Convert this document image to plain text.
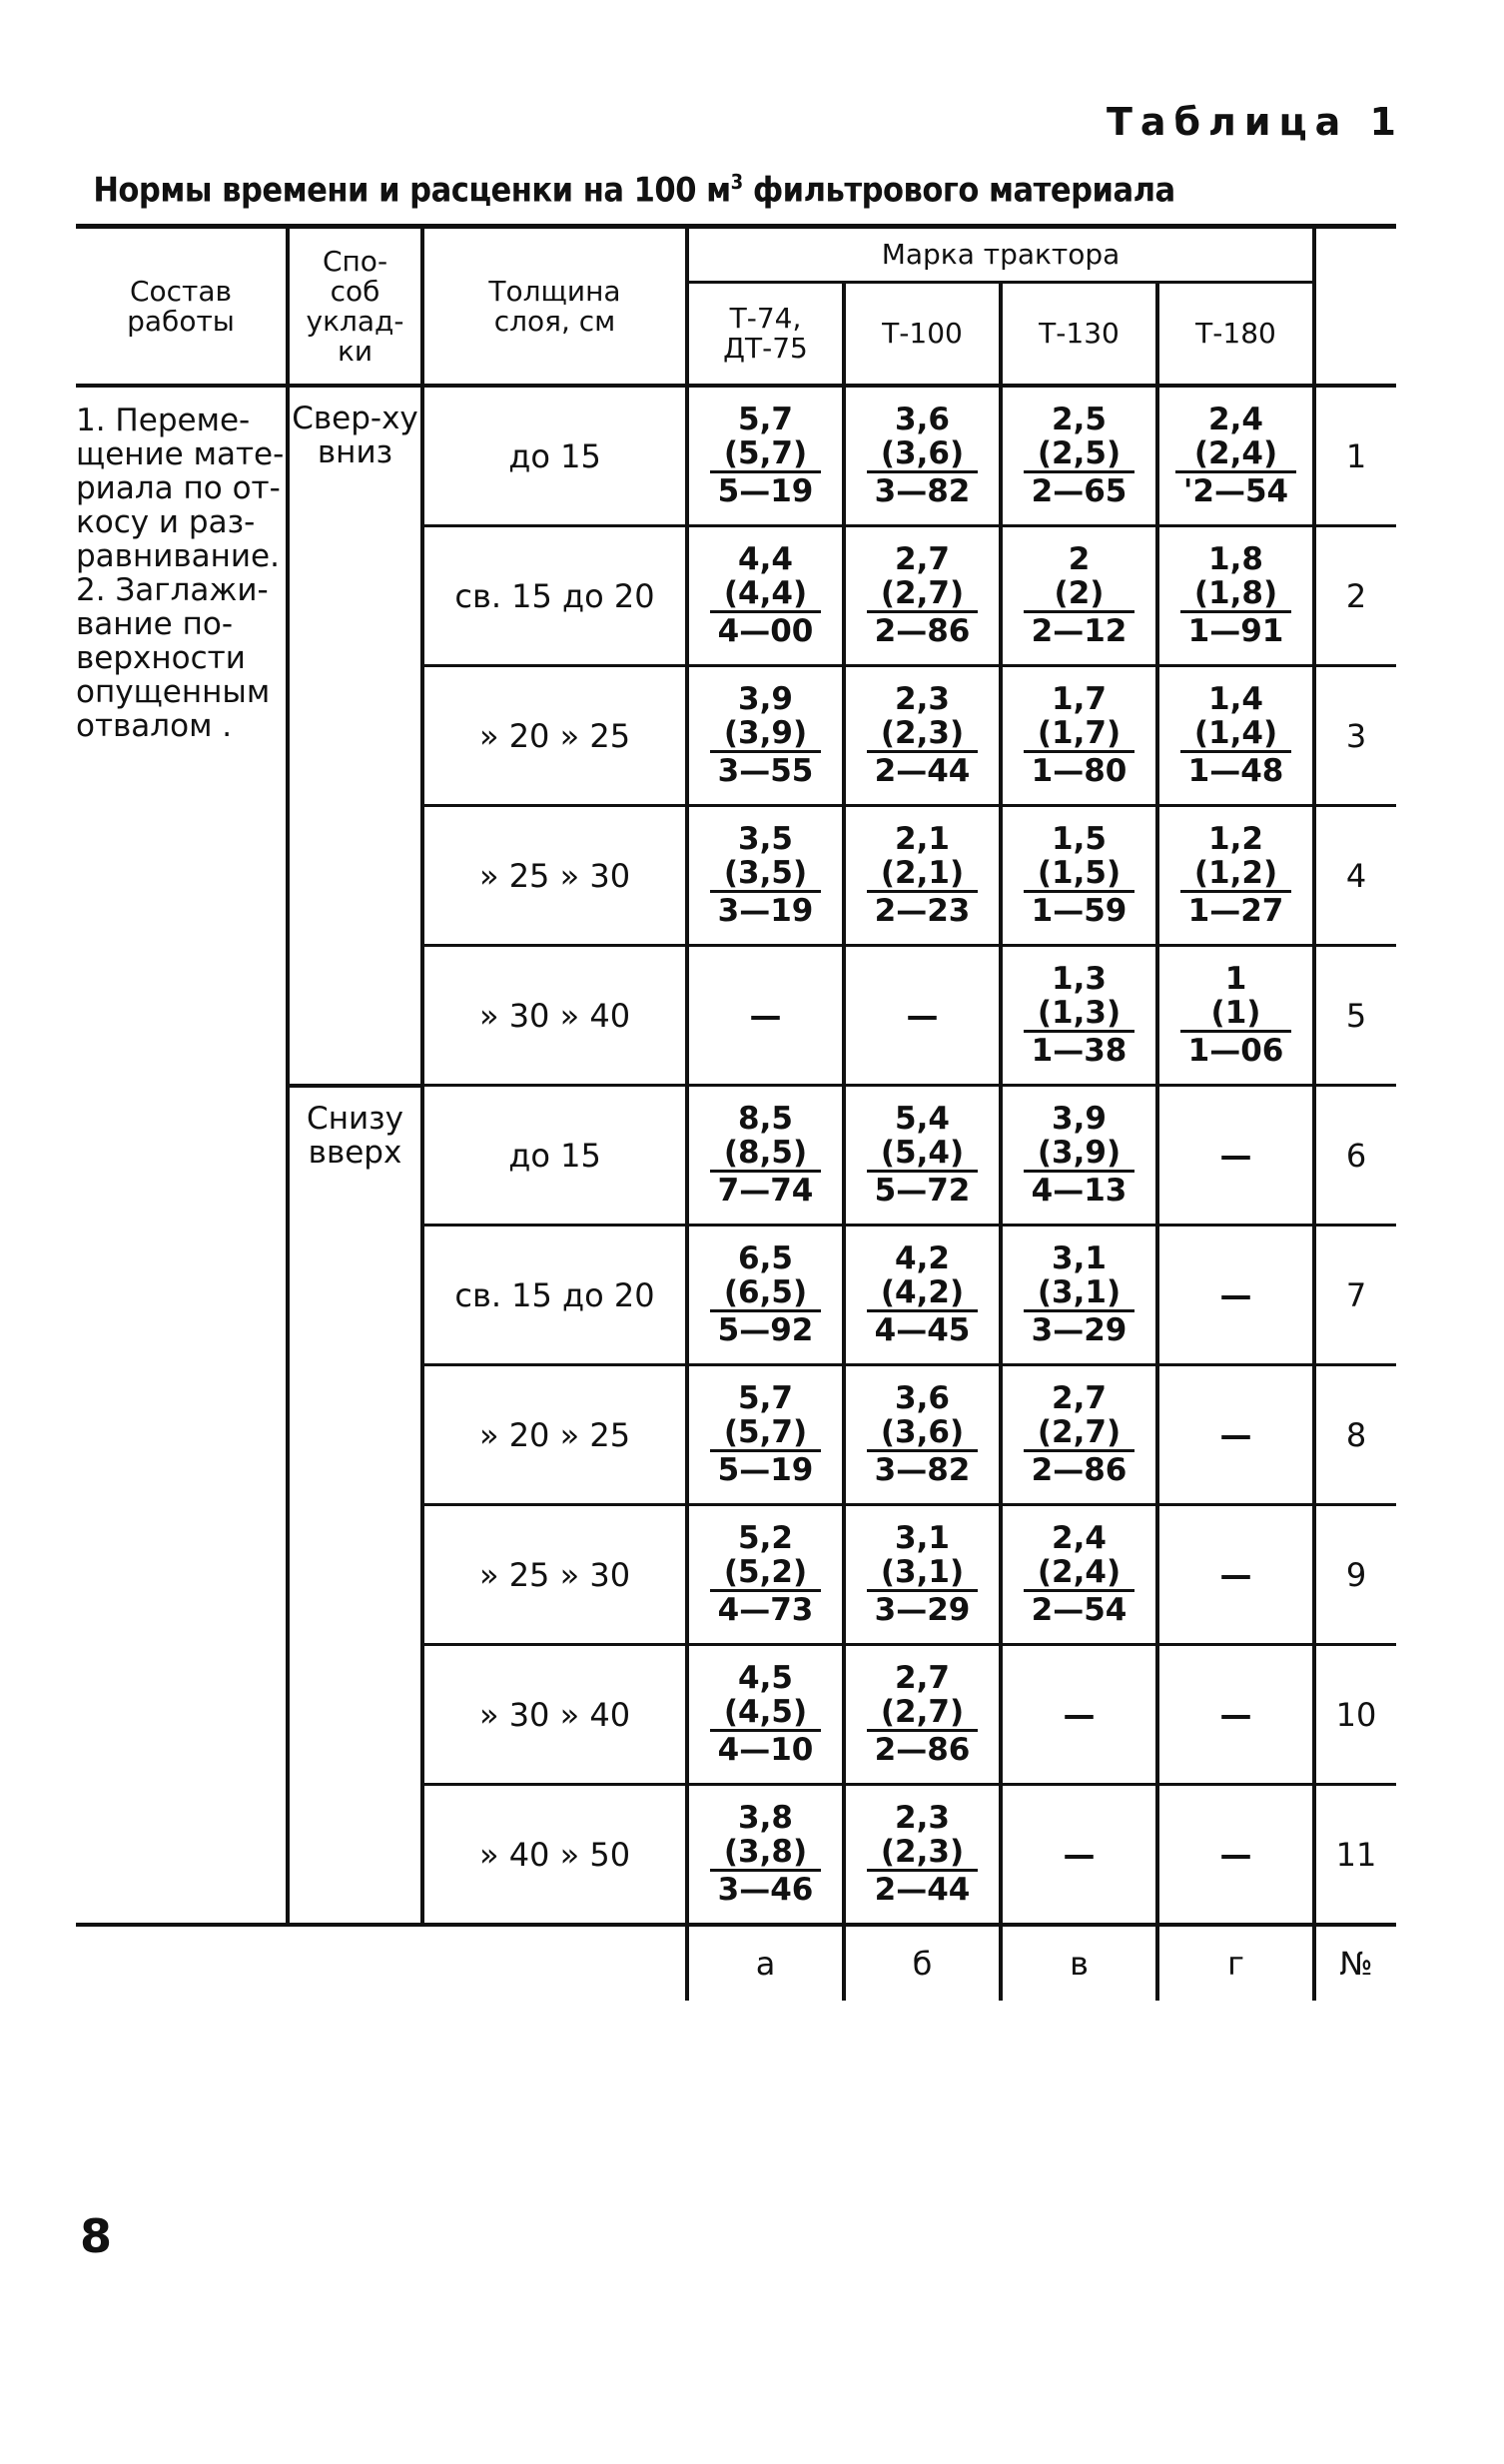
Таблица 1
Нормы времени и расценки на 100 $м^3$ фильтрового материала
Состав работы	Спо-соб уклад-ки	Толщина слоя, см	Марка трактора				
			Т-74, ДТ-75	Т-100	Т-130	Т-180	
1. Переме-щение мате-риала по от-косу и раз-равнивание. 2. Заглажи-вание по-верхности опущенным отвалом .	Свер-ху вниз	до 15	5,7
(5,7)
5—19	3,6
(3,6)
3—82	2,5
(2,5)
2—65	2,4
(2,4)
'2—54	1
		св. 15 до 20	4,4
(4,4)
4—00	2,7
(2,7)
2—86	2
(2)
2—12	1,8
(1,8)
1—91	2
		» 20 » 25	3,9
(3,9)
3—55	2,3
(2,3)
2—44	1,7
(1,7)
1—80	1,4
(1,4)
1—48	3
		» 25 » 30	3,5
(3,5)
3—19	2,1
(2,1)
2—23	1,5
(1,5)
1—59	1,2
(1,2)
1—27	4
		» 30 » 40	—	—	1,3
(1,3)
1—38	1
(1)
1—06	5
	Снизу вверх	до 15	8,5
(8,5)
7—74	5,4
(5,4)
5—72	3,9
(3,9)
4—13	—	6
		св. 15 до 20	6,5
(6,5)
5—92	4,2
(4,2)
4—45	3,1
(3,1)
3—29	—	7
		» 20 » 25	5,7
(5,7)
5—19	3,6
(3,6)
3—82	2,7
(2,7)
2—86	—	8
		» 25 » 30	5,2
(5,2)
4—73	3,1
(3,1)
3—29	2,4
(2,4)
2—54	—	9
		» 30 » 40	4,5
(4,5)
4—10	2,7
(2,7)
2—86	—	—	10
		» 40 » 50	3,8
(3,8)
3—46	2,3
(2,3)
2—44	—	—	11
			а	б	в	г	№
8
